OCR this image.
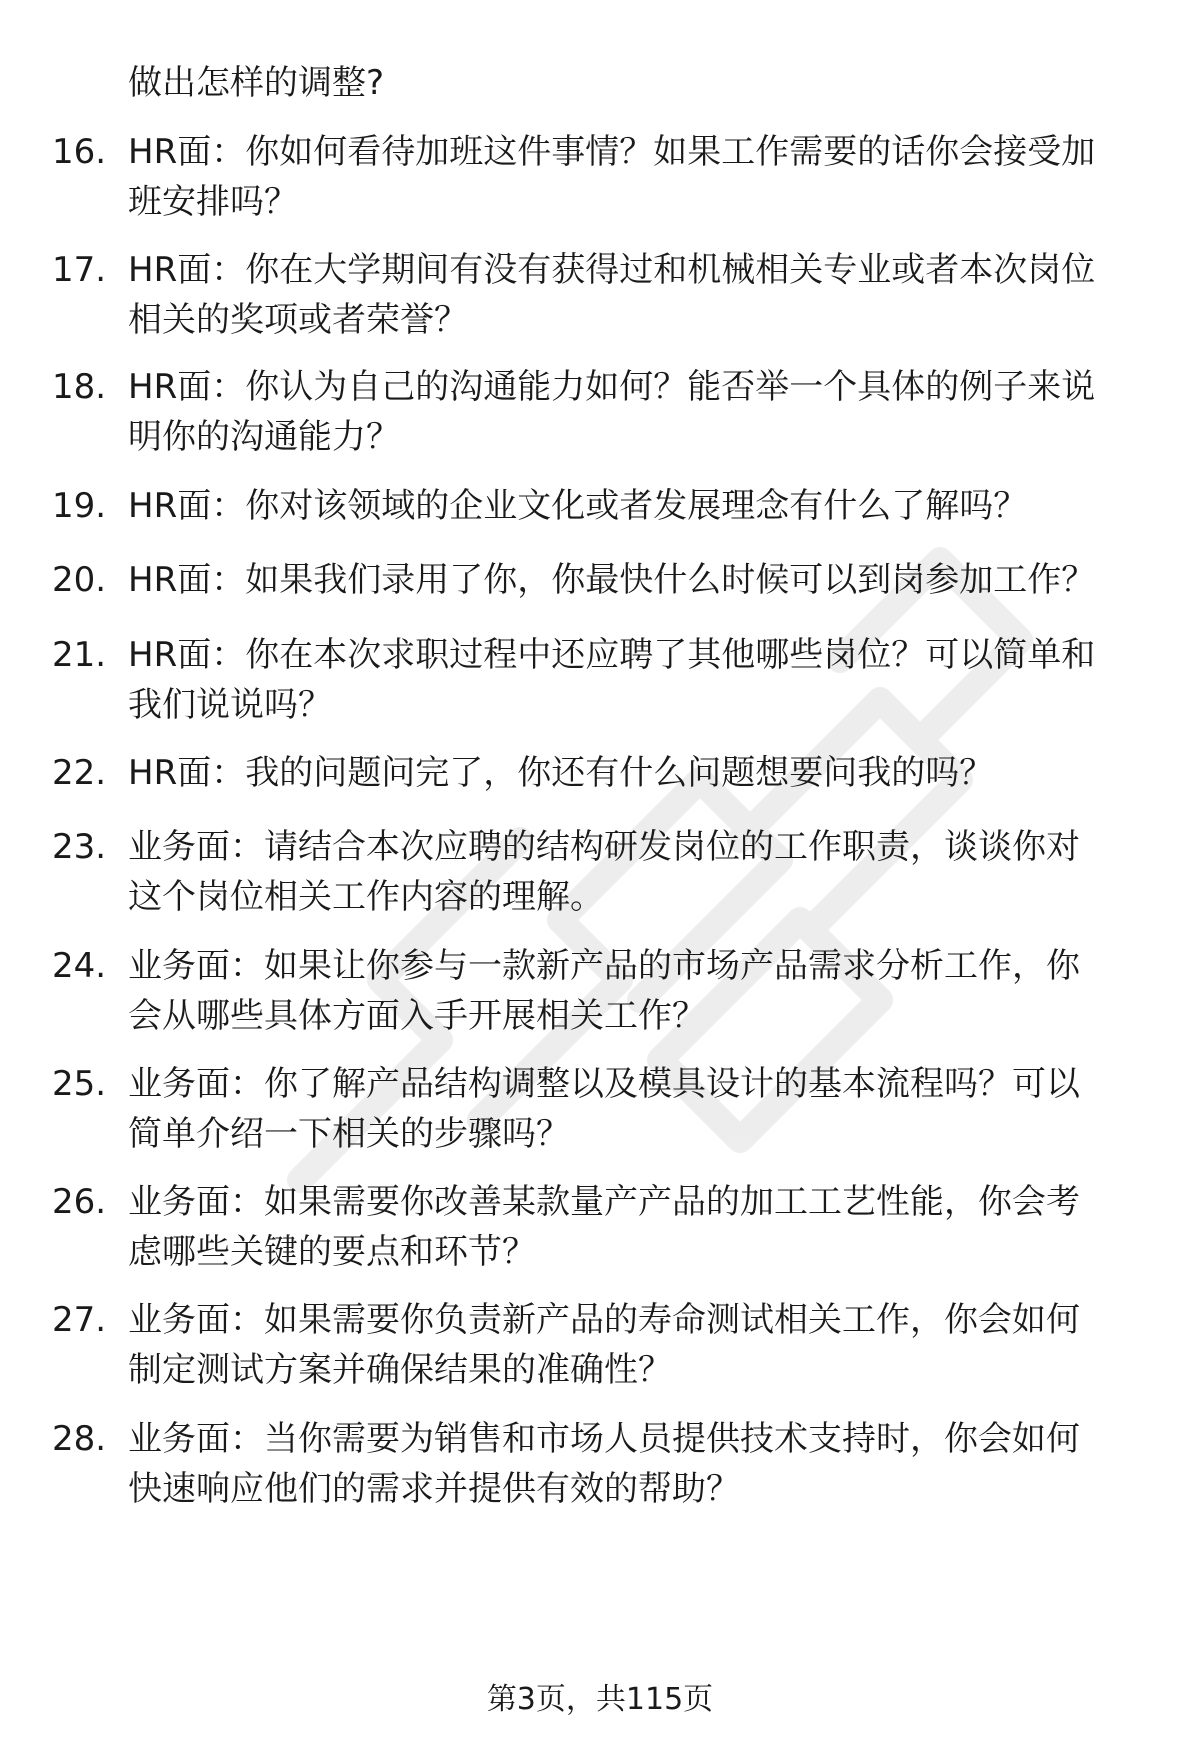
做出怎样的调整?
16. HR面：你如何看待加班这件事情？如果工作需要的话你会接受加
班安排吗？
17. HR面：你在大学期间有没有获得过和机械相关专业或者本次岗位
相关的奖项或者荣誉？
18. HR面：你认为自己的沟通能力如何？能否举一个具体的例子来说
明你的沟通能力？
19. HR面：你对该领域的企业文化或者发展理念有什么了解吗？
20. HR面：如果我们录用了你，你最快什么时候可以到岗参加工作？
21. HR面：你在本次求职过程中还应聘了其他哪些岗位？可以简单和
我们说说吗？
22. HR面：我的问题问完了，你还有什么问题想要问我的吗？
23. 业务面：请结合本次应聘的结构研发岗位的工作职责，谈谈你对
这个岗位相关工作内容的理解。
24. 业务面：如果让你参与一款新产品的市场产品需求分析工作，你
会从哪些具体方面入手开展相关工作？
25. 业务面：你了解产品结构调整以及模具设计的基本流程吗？可以
简单介绍一下相关的步骤吗？
26. 业务面：如果需要你改善某款量产产品的加工工艺性能，你会考
虑哪些关键的要点和环节？
27. 业务面：如果需要你负责新产品的寿命测试相关工作，你会如何
制定测试方案并确保结果的准确性？
28. 业务面：当你需要为销售和市场人员提供技术支持时，你会如何
快速响应他们的需求并提供有效的帮助？
第3页，共115页
